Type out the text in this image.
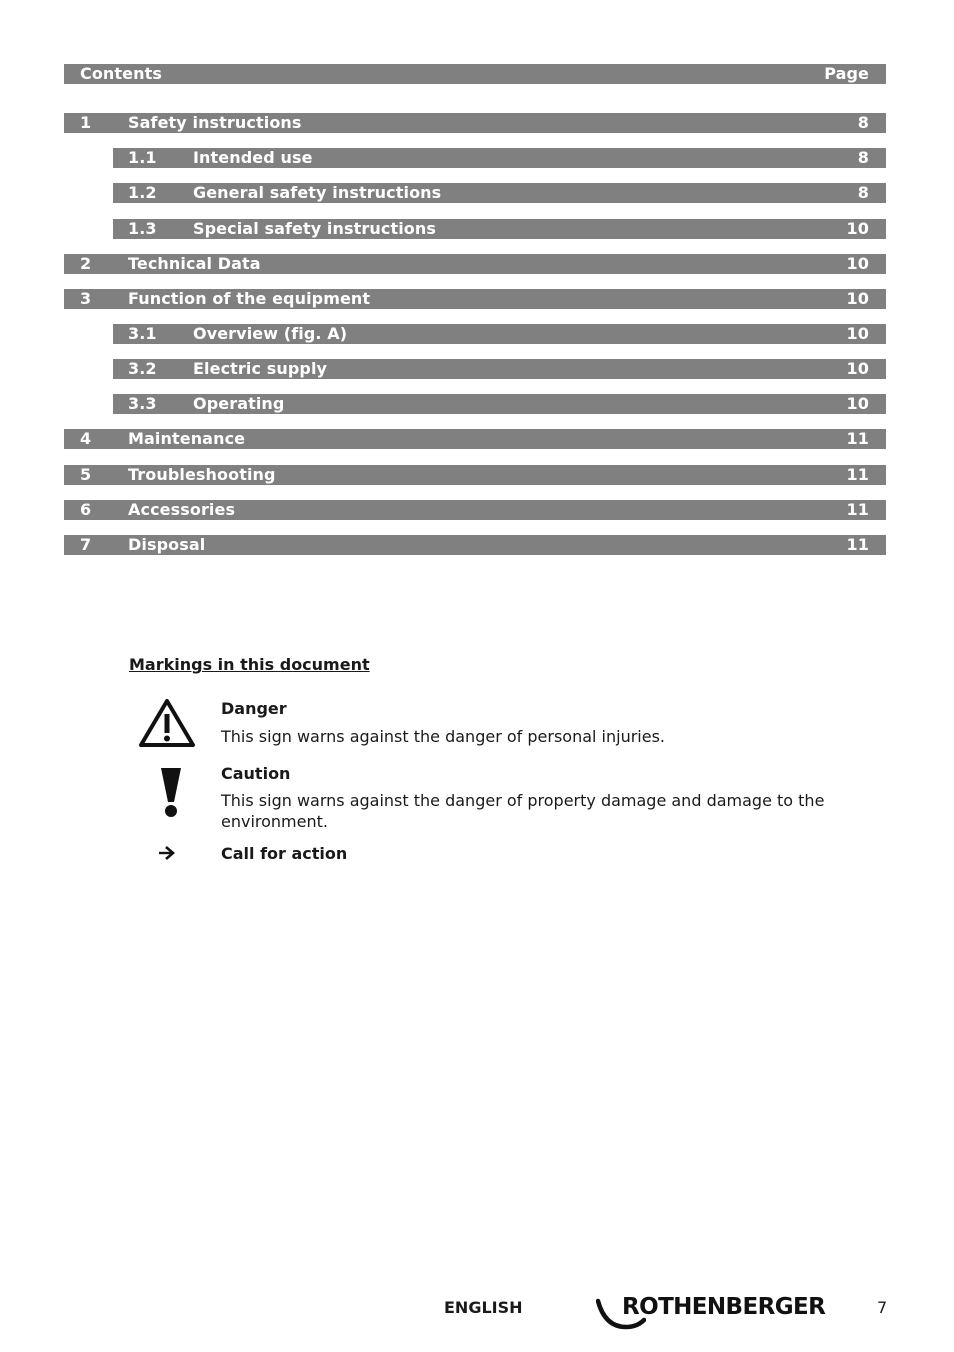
Contents	Page
1 Safety instructions	8
1.1 Intended use	8
1.2 General safety instructions	8
1.3 Special safety instructions	10
2 Technical Data	10
3 Function of the equipment	10
3.1 Overview (fig. A)	10
3.2 Electric supply	10
3.3 Operating	10
4 Maintenance	11
5 Troubleshooting	11
6 Accessories	11
7 Disposal	11
Markings in this document
Danger
This sign warns against the danger of personal injuries.
Caution
This sign warns against the danger of property damage and damage to the environment.
Call for action
ENGLISH	ROTHENBERGER	7
